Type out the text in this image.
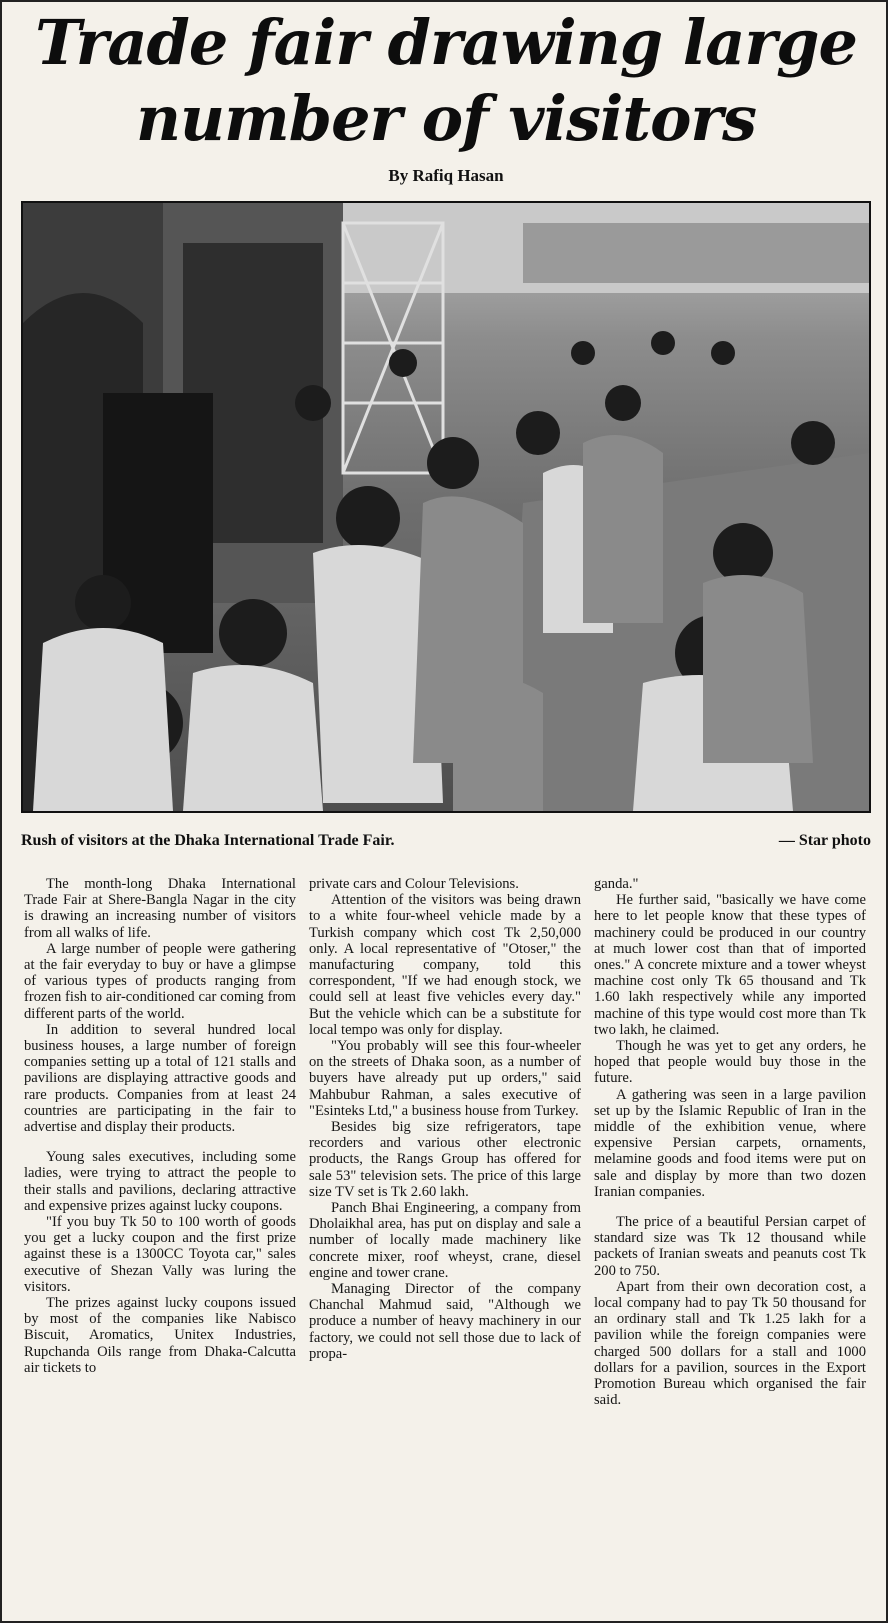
Trade fair drawing large
number of visitors
By Rafiq Hasan
Rush of visitors at the Dhaka International Trade Fair.	— Star photo

The month-long Dhaka International Trade Fair at Shere-Bangla Nagar in the city is drawing an increasing number of visitors from all walks of life.

A large number of people were gathering at the fair everyday to buy or have a glimpse of various types of products ranging from frozen fish to air-conditioned car coming from different parts of the world.

In addition to several hundred local business houses, a large number of foreign companies setting up a total of 121 stalls and pavilions are displaying attractive goods and rare products. Companies from at least 24 countries are participating in the fair to advertise and display their products.

Young sales executives, including some ladies, were trying to attract the people to their stalls and pavilions, declaring attractive and expensive prizes against lucky coupons.

"If you buy Tk 50 to 100 worth of goods you get a lucky coupon and the first prize against these is a 1300CC Toyota car," sales executive of Shezan Vally was luring the visitors.

The prizes against lucky coupons issued by most of the companies like Nabisco Biscuit, Aromatics, Unitex Industries, Rupchanda Oils range from Dhaka-Calcutta air tickets to

private cars and Colour Televisions.

Attention of the visitors was being drawn to a white four-wheel vehicle made by a Turkish company which cost Tk 2,50,000 only. A local representative of "Otoser," the manufacturing company, told this correspondent, "If we had enough stock, we could sell at least five vehicles every day." But the vehicle which can be a substitute for local tempo was only for display.

"You probably will see this four-wheeler on the streets of Dhaka soon, as a number of buyers have already put up orders," said Mahbubur Rahman, a sales executive of "Esinteks Ltd," a business house from Turkey.

Besides big size refrigerators, tape recorders and various other electronic products, the Rangs Group has offered for sale 53" television sets. The price of this large size TV set is Tk 2.60 lakh.

Panch Bhai Engineering, a company from Dholaikhal area, has put on display and sale a number of locally made machinery like concrete mixer, roof wheyst, crane, diesel engine and tower crane.

Managing Director of the company Chanchal Mahmud said, "Although we produce a number of heavy machinery in our factory, we could not sell those due to lack of propa-

ganda."

He further said, "basically we have come here to let people know that these types of machinery could be produced in our country at much lower cost than that of imported ones." A concrete mixture and a tower wheyst machine cost only Tk 65 thousand and Tk 1.60 lakh respectively while any imported machine of this type would cost more than Tk two lakh, he claimed.

Though he was yet to get any orders, he hoped that people would buy those in the future.

A gathering was seen in a large pavilion set up by the Islamic Republic of Iran in the middle of the exhibition venue, where expensive Persian carpets, ornaments, melamine goods and food items were put on sale and display by more than two dozen Iranian companies.

The price of a beautiful Persian carpet of standard size was Tk 12 thousand while packets of Iranian sweats and peanuts cost Tk 200 to 750.

Apart from their own decoration cost, a local company had to pay Tk 50 thousand for an ordinary stall and Tk 1.25 lakh for a pavilion while the foreign companies were charged 500 dollars for a stall and 1000 dollars for a pavilion, sources in the Export Promotion Bureau which organised the fair said.
